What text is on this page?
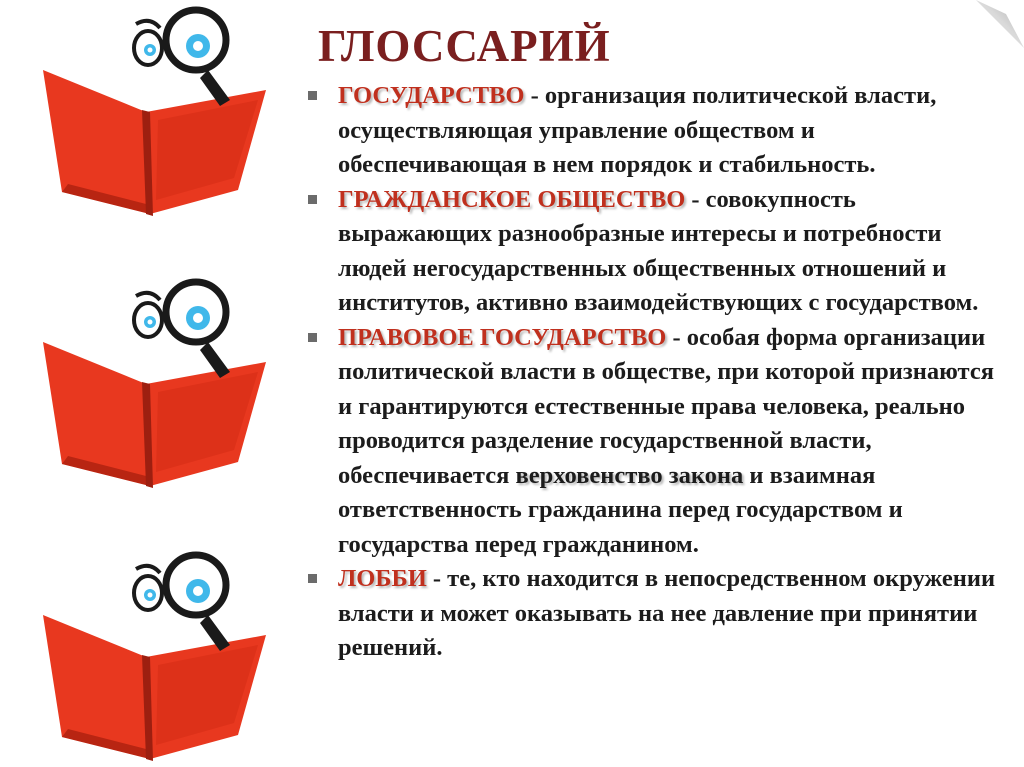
ГЛОССАРИЙ
ГОСУДАРСТВО - организация политической власти, осуществляющая управление обществом и обеспечивающая в нем порядок и стабильность.
ГРАЖДАНСКОЕ ОБЩЕСТВО - совокупность выражающих разнообразные интересы и потребности людей негосударственных общественных отношений и институтов, активно взаимодействующих с государством.
ПРАВОВОЕ ГОСУДАРСТВО - особая форма организации политической власти в обществе, при которой признаются и гарантируются естественные права человека, реально проводится разделение государственной власти, обеспечивается верховенство закона и взаимная ответственность гражданина перед государством и государства перед гражданином.
ЛОББИ - те, кто находится в непосредственном окружении власти и может оказывать на нее давление при принятии решений.
